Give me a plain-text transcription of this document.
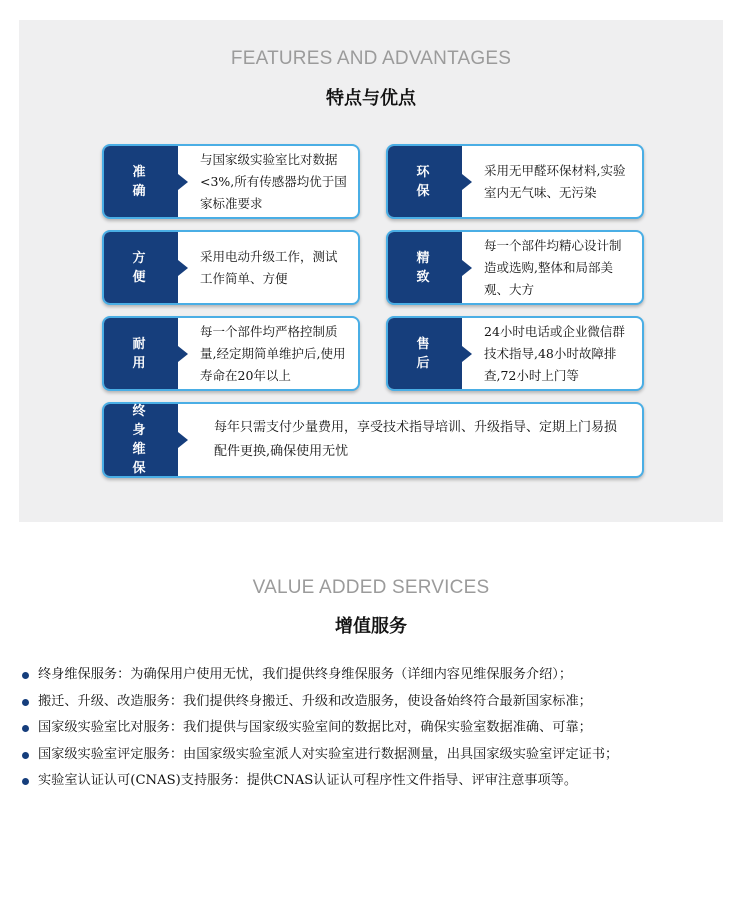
FEATURES AND ADVANTAGES
特点与优点
准 确
与国家级实验室比对数据<3%,所有传感器均优于国家标准要求
环 保
采用无甲醛环保材料,实验室内无气味、无污染
方 便
采用电动升级工作，测试工作简单、方便
精 致
每一个部件均精心设计制造或选购,整体和局部美观、大方
耐 用
每一个部件均严格控制质量,经定期简单维护后,使用寿命在20年以上
售 后
24小时电话或企业微信群技术指导,48小时故障排查,72小时上门等
终 身 维 保
每年只需支付少量费用，享受技术指导培训、升级指导、定期上门易损配件更换,确保使用无忧
VALUE ADDED SERVICES
增值服务
终身维保服务：为确保用户使用无忧，我们提供终身维保服务（详细内容见维保服务介绍）；
搬迁、升级、改造服务：我们提供终身搬迁、升级和改造服务，使设备始终符合最新国家标准；
国家级实验室比对服务：我们提供与国家级实验室间的数据比对，确保实验室数据准确、可靠；
国家级实验室评定服务：由国家级实验室派人对实验室进行数据测量，出具国家级实验室评定证书；
实验室认证认可(CNAS)支持服务：提供CNAS认证认可程序性文件指导、评审注意事项等。
